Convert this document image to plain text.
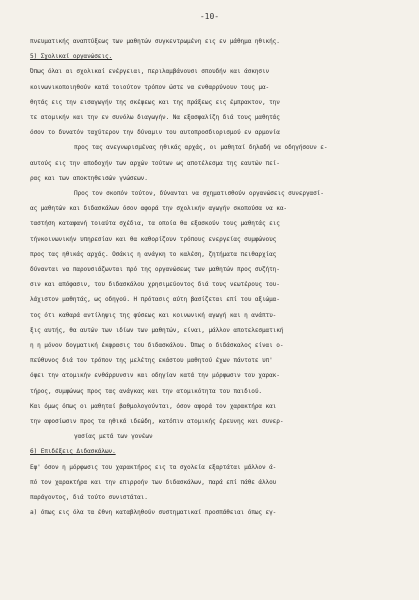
-10-
πνευματικής αναπτύξεως των μαθητών συγκεντρωμένη εις εν μάθημα ηθικής.
5) Σχολικαί οργανώσεις.
Όπως όλαι αι σχολικαί ενέργειαι, περιλαμβάνουσι σπουδήν και άσκησιν
κοινωνικοποιηθούν κατά τοιούτον τρόπον ώστε να ενθαρρύνουν τους μα-
θητάς εις την εισαγωγήν της σκέψεως και της πράξεως εις έμπρακτον, την
τε ατομικήν και την εν συνόλω διαγωγήν. Να εξασφαλίζη διά τους μαθητάς
όσον το δυνατόν ταχύτερον την δύναμιν του αυτοπροσδιορισμού εν αρμονία
προς τας ανεγνωρισμένας ηθικάς αρχάς, οι μαθηταί δηλαδή να οδηγήσουν ε-
αυτούς εις την αποδοχήν των αρχών τούτων ως αποτέλεσμα της εαυτών πεί-
ρας και των αποκτηθεισών γνώσεων.
Προς τον σκοπόν τούτον, δύνανται να σχηματισθούν οργανώσεις συνεργασί-
ας μαθητών και διδασκάλων όσον αφορά την σχολικήν αγωγήν σκοπούσα να κα-
ταστήση καταφανή τοιαύτα σχέδια, τα οποία θα εξασκούν τους μαθητάς εις
τήνκοινωνικήν υπηρεσίαν και θα καθορίζουν τρόπους ενεργείας συμφώνους
προς τας ηθικάς αρχάς. Οσάκις η ανάγκη το καλέση, ζητήματα πειθαρχίας
δύνανται να παρουσιάζωνται πρό της οργανώσεως των μαθητών προς συζήτη-
σιν και απόφασιν, του διδασκάλου χρησιμεύοντος διά τους νεωτέρους του-
λάχιστον μαθητάς, ως οδηγού. Η πρότασις αύτη βασίζεται επί του αξιώμα-
τος ότι καθαρά αντίληψις της φύσεως και κοινωνική αγωγή και η ανάπτυ-
ξις αυτής, θα αυτών των ιδίων των μαθητών, είναι, μάλλον αποτελεσματική
η η μόνον δογματική έκφρασις του διδασκάλου. Όπως ο διδάσκαλος είναι ο-
πεύθυνος διά τον τρόπον της μελέτης εκάστου μαθητού έχων πάντοτε υπ'
όψει την ατομικήν ενθάρρυνσιν και οδηγίαν κατά την μόρφωσιν του χαρακ-
τήρος, συμφώνως προς τας ανάγκας και την ατομικότητα του παιδιού.
Και όμως όπως οι μαθηταί βαθμολογούνται, όσον αφορά τον χαρακτήρα και
την αφοσίωσιν προς τα ηθικά ιδεώδη, κατόπιν ατομικής έρευνης και συνερ-
γασίας μετά των γονέων
6) Επιδέξεις Διδασκάλων.
Εφ' όσον η μόρφωσις του χαρακτήρος εις τα σχολεία εξαρτάται μάλλον ά-
πό τον χαρακτήρα και την επιρροήν των διδασκάλων, παρά επί πάθε άλλου
παράγοντος, διά τούτο συνιστάται.
a) όπως εις όλα τα έθνη καταβληθούν συστηματικαί προσπάθειαι όπως εγ-
